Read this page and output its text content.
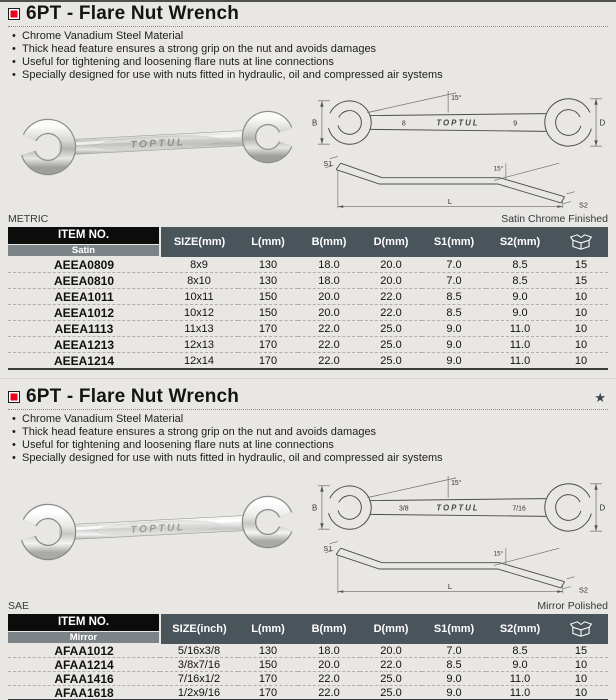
6PT - Flare Nut Wrench
• Chrome Vanadium Steel Material
• Thick head feature ensures a strong grip on the nut and avoids damages
• Useful for tightening and loosening flare nuts at line connections
• Specially designed for use with nuts fitted in hydraulic, oil and compressed air systems
TOPTUL
B	D
15°
8	TOPTUL	9
S1
15°
S2
L
METRIC	Satin Chrome Finished
ITEM NO.
Satin	SIZE(mm)	L(mm)	B(mm)	D(mm)	S1(mm)	S2(mm)	

AEEA0809	8x9	130	18.0	20.0	7.0	8.5	15
AEEA0810	8x10	130	18.0	20.0	7.0	8.5	15
AEEA1011	10x11	150	20.0	22.0	8.5	9.0	10
AEEA1012	10x12	150	20.0	22.0	8.5	9.0	10
AEEA1113	11x13	170	22.0	25.0	9.0	11.0	10
AEEA1213	12x13	170	22.0	25.0	9.0	11.0	10
AEEA1214	12x14	170	22.0	25.0	9.0	11.0	10
6PT - Flare Nut Wrench	★
• Chrome Vanadium Steel Material
• Thick head feature ensures a strong grip on the nut and avoids damages
• Useful for tightening and loosening flare nuts at line connections
• Specially designed for use with nuts fitted in hydraulic, oil and compressed air systems
TOPTUL
B	D
15°
3/8	TOPTUL	7/16
S1
15°
S2
L
SAE	Mirror Polished
ITEM NO.
Mirror	SIZE(inch)	L(mm)	B(mm)	D(mm)	S1(mm)	S2(mm)	

AFAA1012	5/16x3/8	130	18.0	20.0	7.0	8.5	15
AFAA1214	3/8x7/16	150	20.0	22.0	8.5	9.0	10
AFAA1416	7/16x1/2	170	22.0	25.0	9.0	11.0	10
AFAA1618	1/2x9/16	170	22.0	25.0	9.0	11.0	10
